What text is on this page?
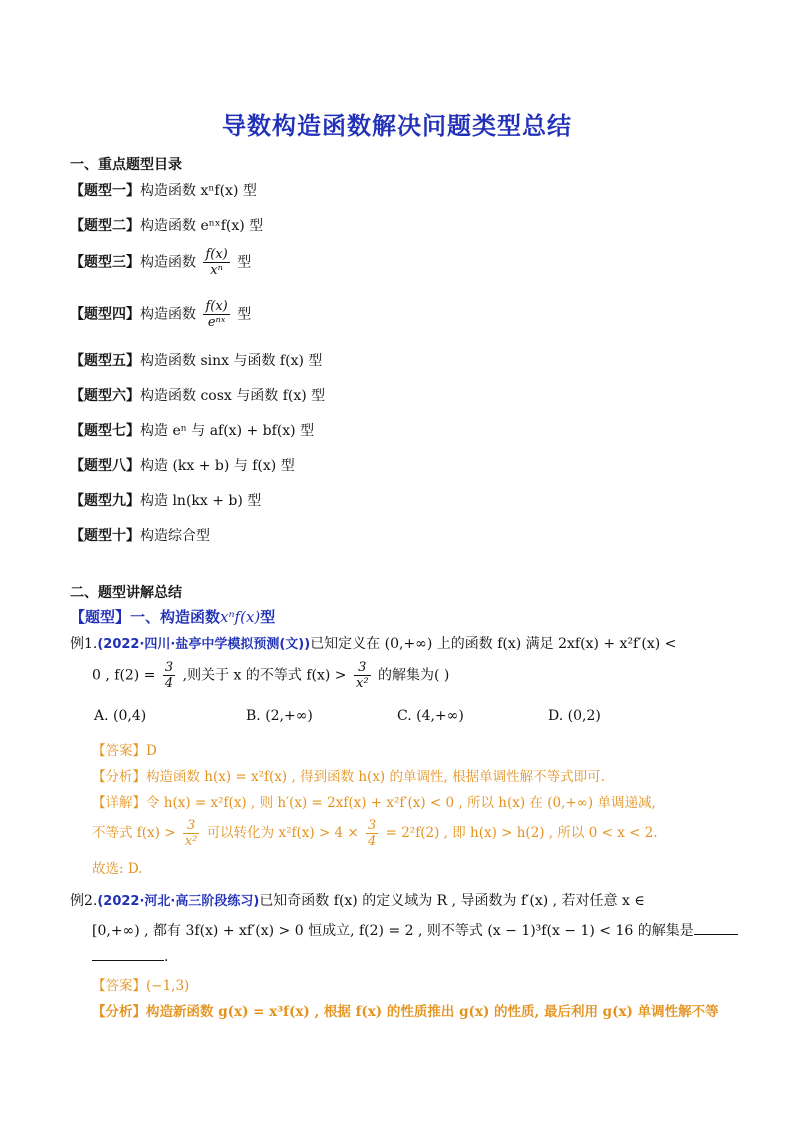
导数构造函数解决问题类型总结
一、重点题型目录
【题型一】构造函数 xⁿf(x) 型
【题型二】构造函数 eⁿˣf(x) 型
【题型三】构造函数 $\frac{f(x)}{\text{xⁿ}}$ 型
【题型四】构造函数 $\frac{f(x)}{\text{eⁿˣ}}$ 型
【题型五】构造函数 sinx 与函数 f(x) 型
【题型六】构造函数 cosx 与函数 f(x) 型
【题型七】构造 eⁿ 与 af(x) + bf(x) 型
【题型八】构造 (kx + b) 与 f(x) 型
【题型九】构造 ln(kx + b) 型
【题型十】构造综合型
二、题型讲解总结
【题型】一、构造函数xⁿf(x)型
例1.(2022·四川·盐亭中学模拟预测(文))已知定义在 (0,+∞) 上的函数 f(x) 满足 2xf(x) + x²f′(x) <
0 , $f(2) = \frac{3}{4}$ ,则关于 x 的不等式 $f(x) > \frac{3}{\text{x²}}$ 的解集为( )
A. (0,4)	B. (2,+∞)	C. (4,+∞)	D. (0,2)
【答案】D
【分析】构造函数 h(x) = x²f(x) , 得到函数 h(x) 的单调性, 根据单调性解不等式即可.
【详解】令 h(x) = x²f(x) , 则 h′(x) = 2xf(x) + x²f′(x) < 0 , 所以 h(x) 在 (0,+∞) 单调递减,
不等式 $f(x) > \frac{3}{\text{x²}}$ 可以转化为 $x^2f(x) > 4 \times \frac{3}{4} = 2^2f(2)$ , 即 h(x) > h(2) , 所以 0 < x < 2.
故选: D.
例2.(2022·河北·高三阶段练习)已知奇函数 f(x) 的定义域为 R , 导函数为 f′(x) , 若对任意 x ∈
[0,+∞) , 都有 3f(x) + xf′(x) > 0 恒成立, f(2) = 2 , 则不等式 (x − 1)³f(x − 1) < 16 的解集是
.
【答案】(−1,3)
【分析】构造新函数 g(x) = x³f(x) , 根据 f(x) 的性质推出 g(x) 的性质, 最后利用 g(x) 单调性解不等
